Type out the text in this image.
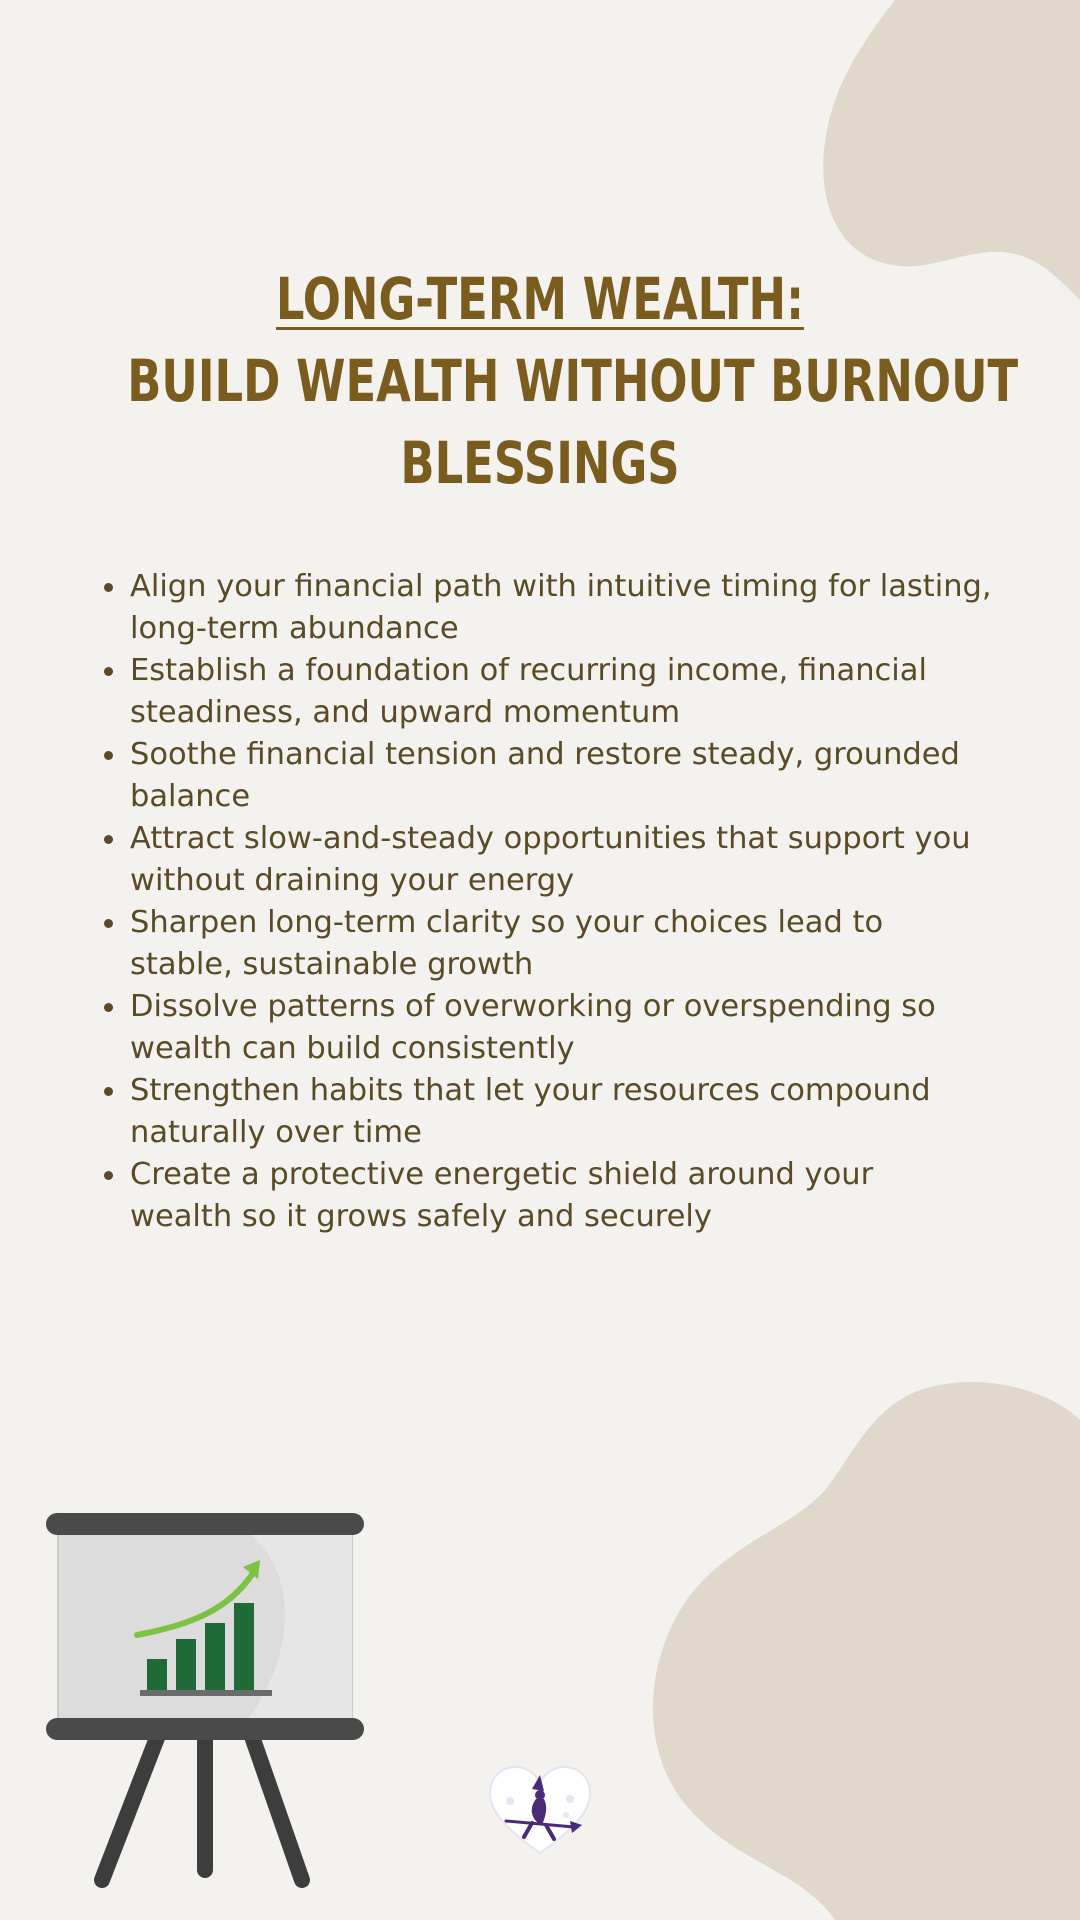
LONG-TERM WEALTH:
BUILD WEALTH WITHOUT BURNOUT
BLESSINGS
Align your financial path with intuitive timing for lasting,
long-term abundance
Establish a foundation of recurring income, financial
steadiness, and upward momentum
Soothe financial tension and restore steady, grounded
balance
Attract slow-and-steady opportunities that support you
without draining your energy
Sharpen long-term clarity so your choices lead to
stable, sustainable growth
Dissolve patterns of overworking or overspending so
wealth can build consistently
Strengthen habits that let your resources compound
naturally over time
Create a protective energetic shield around your
wealth so it grows safely and securely
